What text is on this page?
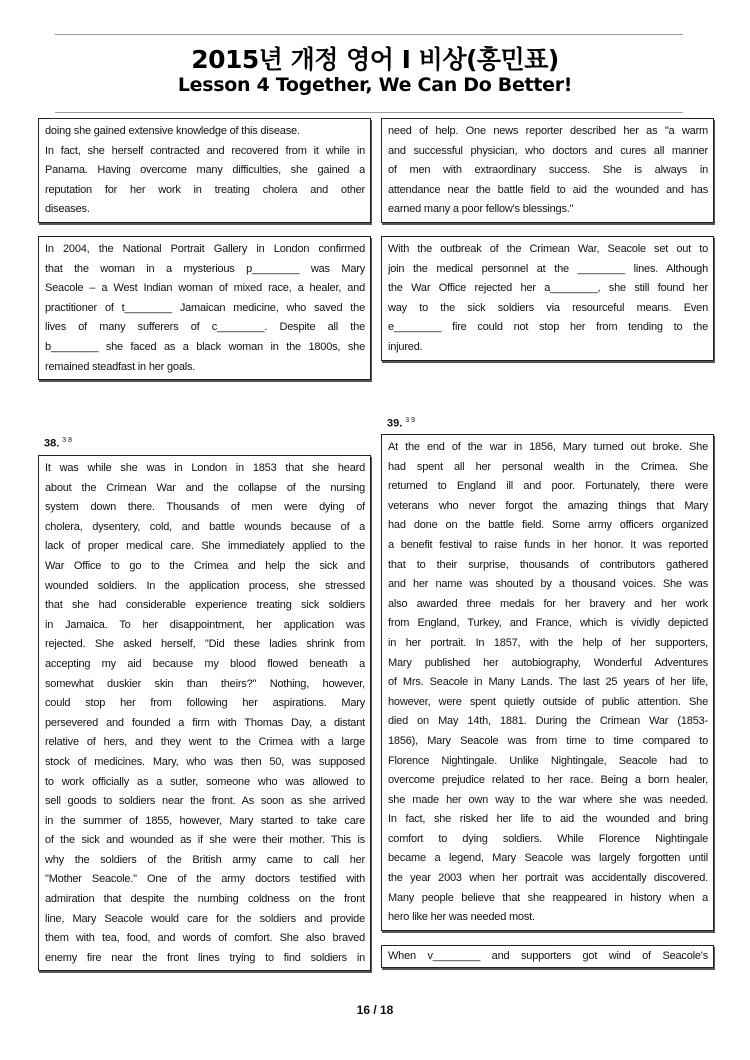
2015년 개정 영어 I 비상(홍민표)
Lesson 4 Together, We Can Do Better!
doing she gained extensive knowledge of this disease.
In fact, she herself contracted and recovered from it while in
Panama. Having overcome many difficulties, she gained a
reputation for her work in treating cholera and other
diseases.
need of help. One news reporter described her as "a warm
and successful physician, who doctors and cures all manner
of men with extraordinary success. She is always in
attendance near the battle field to aid the wounded and has
earned many a poor fellow's blessings."
In 2004, the National Portrait Gallery in London confirmed
that the woman in a mysterious p________ was Mary
Seacole – a West Indian woman of mixed race, a healer, and
practitioner of t________ Jamaican medicine, who saved the
lives of many sufferers of c________. Despite all the
b________ she faced as a black woman in the 1800s, she
remained steadfast in her goals.
With the outbreak of the Crimean War, Seacole set out to
join the medical personnel at the ________ lines. Although
the War Office rejected her a________, she still found her
way to the sick soldiers via resourceful means. Even
e________ fire could not stop her from tending to the
injured.
38. $^{3 8}$
It was while she was in London in 1853 that she heard
about the Crimean War and the collapse of the nursing
system down there. Thousands of men were dying of
cholera, dysentery, cold, and battle wounds because of a
lack of proper medical care. She immediately applied to the
War Office to go to the Crimea and help the sick and
wounded soldiers. In the application process, she stressed
that she had considerable experience treating sick soldiers
in Jamaica. To her disappointment, her application was
rejected. She asked herself, "Did these ladies shrink from
accepting my aid because my blood flowed beneath a
somewhat duskier skin than theirs?" Nothing, however,
could stop her from following her aspirations. Mary
persevered and founded a firm with Thomas Day, a distant
relative of hers, and they went to the Crimea with a large
stock of medicines. Mary, who was then 50, was supposed
to work officially as a sutler, someone who was allowed to
sell goods to soldiers near the front. As soon as she arrived
in the summer of 1855, however, Mary started to take care
of the sick and wounded as if she were their mother. This is
why the soldiers of the British army came to call her
"Mother Seacole." One of the army doctors testified with
admiration that despite the numbing coldness on the front
line, Mary Seacole would care for the soldiers and provide
them with tea, food, and words of comfort. She also braved
enemy fire near the front lines trying to find soldiers in
39. $^{3 9}$
At the end of the war in 1856, Mary turned out broke. She
had spent all her personal wealth in the Crimea. She
returned to England ill and poor. Fortunately, there were
veterans who never forgot the amazing things that Mary
had done on the battle field. Some army officers organized
a benefit festival to raise funds in her honor. It was reported
that to their surprise, thousands of contributors gathered
and her name was shouted by a thousand voices. She was
also awarded three medals for her bravery and her work
from England, Turkey, and France, which is vividly depicted
in her portrait. In 1857, with the help of her supporters,
Mary published her autobiography, Wonderful Adventures
of Mrs. Seacole in Many Lands. The last 25 years of her life,
however, were spent quietly outside of public attention. She
died on May 14th, 1881. During the Crimean War (1853-
1856), Mary Seacole was from time to time compared to
Florence Nightingale. Unlike Nightingale, Seacole had to
overcome prejudice related to her race. Being a born healer,
she made her own way to the war where she was needed.
In fact, she risked her life to aid the wounded and bring
comfort to dying soldiers. While Florence Nightingale
became a legend, Mary Seacole was largely forgotten until
the year 2003 when her portrait was accidentally discovered.
Many people believe that she reappeared in history when a
hero like her was needed most.
When v________ and supporters got wind of Seacole's
16 / 18
